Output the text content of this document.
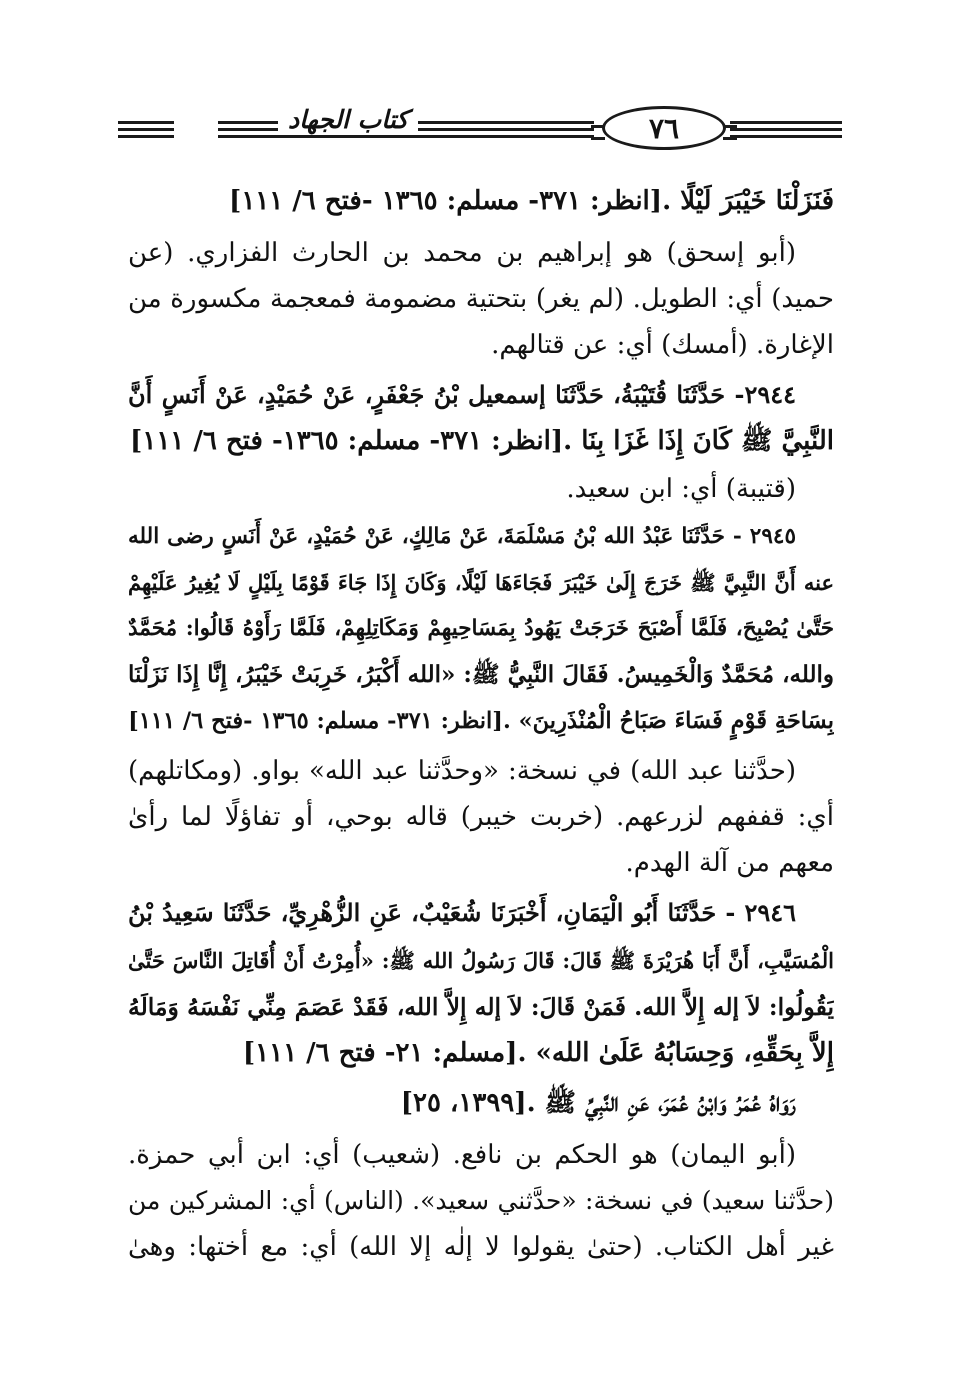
٧٦
كتاب الجهاد
فَنَزَلْنَا خَيْبَرَ لَيْلًا .[انظر: ٣٧١- مسلم: ١٣٦٥ -فتح ٦/ ١١١]
(أبو إسحق) هو إبراهيم بن محمد بن الحارث الفزاري. (عن
حميد) أي: الطويل. (لم يغر) بتحتية مضمومة فمعجمة مكسورة من
الإغارة. (أمسك) أي: عن قتالهم.
٢٩٤٤- حَدَّثَنَا قُتَيْبَةُ، حَدَّثَنَا إسمعيل بْنُ جَعْفَرٍ، عَنْ حُمَيْدٍ، عَنْ أَنَسٍ أَنَّ
النَّبِيَّ ﷺ كَانَ إِذَا غَزَا بِنَا .[انظر: ٣٧١- مسلم: ١٣٦٥- فتح ٦/ ١١١]
(قتيبة) أي: ابن سعيد.
٢٩٤٥ - حَدَّثَنَا عَبْدُ الله بْنُ مَسْلَمَةَ، عَنْ مَالِكٍ، عَنْ حُمَيْدٍ، عَنْ أَنَسٍ رضى الله
عنه أَنَّ النَّبِيَّ ﷺ خَرَجَ إِلَىٰ خَيْبَرَ فَجَاءَهَا لَيْلًا، وَكَانَ إِذَا جَاءَ قَوْمًا بِلَيْلٍ لَا يُغِيرُ عَلَيْهِمْ
حَتَّىٰ يُصْبِحَ، فَلَمَّا أَصْبَحَ خَرَجَتْ يَهُودُ بِمَسَاحِيهِمْ وَمَكَاتِلِهِمْ، فَلَمَّا رَأَوْهُ قَالُوا: مُحَمَّدٌ
والله، مُحَمَّدٌ وَالْخَمِيسُ. فَقَالَ النَّبِيُّ ﷺ: «الله أَكْبَرُ، خَرِبَتْ خَيْبَرُ، إِنَّا إِذَا نَزَلْنَا
بِسَاحَةِ قَوْمٍ فَسَاءَ صَبَاحُ الْمُنْذَرِينَ» .[انظر: ٣٧١- مسلم: ١٣٦٥ -فتح ٦/ ١١١]
(حدَّثنا عبد الله) في نسخة: «وحدَّثنا عبد الله» بواو. (ومكاتلهم)
أي: قففهم لزرعهم. (خربت خيبر) قاله بوحي، أو تفاؤلًا لما رأىٰ
معهم من آلة الهدم.
٢٩٤٦ - حَدَّثَنَا أَبُو الْيَمَانِ، أَخْبَرَنَا شُعَيْبٌ، عَنِ الزُّهْرِيِّ، حَدَّثَنَا سَعِيدُ بْنُ
الْمُسَيَّبِ، أَنَّ أَبَا هُرَيْرَةَ ﷺ قَالَ: قَالَ رَسُولُ الله ﷺ: «أُمِرْتُ أَنْ أُقَاتِلَ النَّاسَ حَتَّىٰ
يَقُولُوا: لاَ إله إِلاَّ الله. فَمَنْ قَالَ: لاَ إله إِلاَّ الله، فَقَدْ عَصَمَ مِنِّي نَفْسَهُ وَمَالَهُ
إِلاَّ بِحَقِّهِ، وَحِسَابُهُ عَلَىٰ الله» .[مسلم: ٢١- فتح ٦/ ١١١]
رَوَاهُ عُمَرُ وَابْنُ عُمَرَ، عَنِ النَّبِيِّ ﷺ .[١٣٩٩، ٢٥]
(أبو اليمان) هو الحكم بن نافع. (شعيب) أي: ابن أبي حمزة.
(حدَّثنا سعيد) في نسخة: «حدَّثني سعيد». (الناس) أي: المشركين من
غير أهل الكتاب. (حتىٰ يقولوا لا إلٰه إلا الله) أي: مع أختها: وهىٰ
